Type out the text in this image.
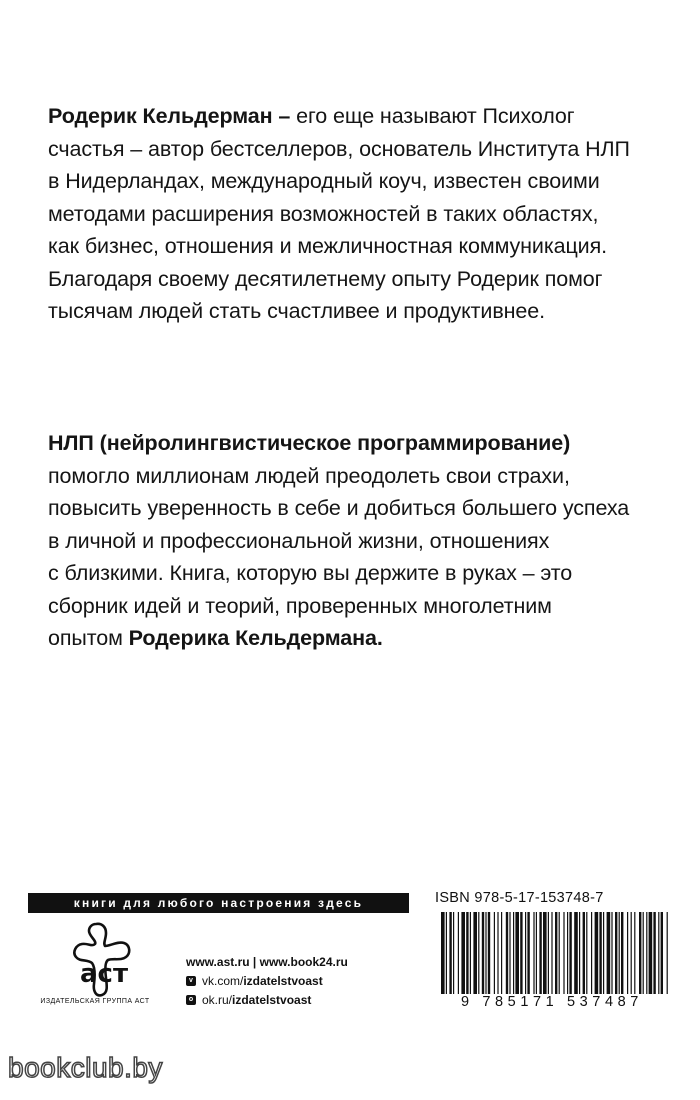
Родерик Кельдерман – его еще называют Психолог
счастья – автор бестселлеров, основатель Института НЛП
в Нидерландах, международный коуч, известен своими
методами расширения возможностей в таких областях,
как бизнес, отношения и межличностная коммуникация.
Благодаря своему десятилетнему опыту Родерик помог
тысячам людей стать счастливее и продуктивнее.
НЛП (нейролингвистическое программирование)
помогло миллионам людей преодолеть свои страхи,
повысить уверенность в себе и добиться большего успеха
в личной и профессиональной жизни, отношениях
с близкими. Книга, которую вы держите в руках – это
сборник идей и теорий, проверенных многолетним
опытом Родерика Кельдермана.
книги для любого настроения здесь
аст
ИЗДАТЕЛЬСКАЯ ГРУППА АСТ
www.ast.ru | www.book24.ru
v vk.com/ izdatelstvoast
o ok.ru/ izdatelstvoast
ISBN 978-5-17-153748-7
9 785171 537487
bookclub.by
